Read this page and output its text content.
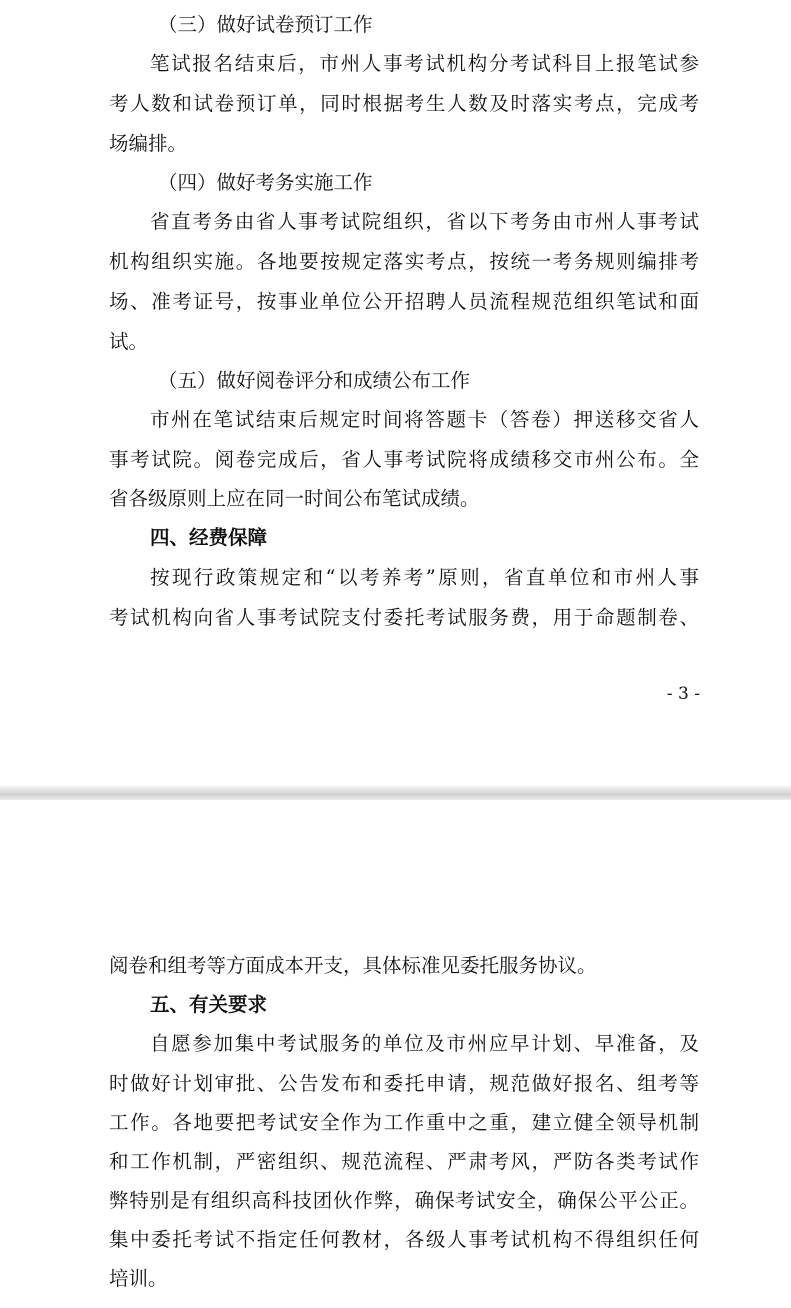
（三）做好试卷预订工作
笔试报名结束后，市州人事考试机构分考试科目上报笔试参
考人数和试卷预订单，同时根据考生人数及时落实考点，完成考
场编排。
（四）做好考务实施工作
省直考务由省人事考试院组织，省以下考务由市州人事考试
机构组织实施。各地要按规定落实考点，按统一考务规则编排考
场、准考证号，按事业单位公开招聘人员流程规范组织笔试和面
试。
（五）做好阅卷评分和成绩公布工作
市州在笔试结束后规定时间将答题卡（答卷）押送移交省人
事考试院。阅卷完成后，省人事考试院将成绩移交市州公布。全
省各级原则上应在同一时间公布笔试成绩。
四、经费保障
按现行政策规定和“以考养考”原则，省直单位和市州人事
考试机构向省人事考试院支付委托考试服务费，用于命题制卷、
- 3 -
阅卷和组考等方面成本开支，具体标准见委托服务协议。
五、有关要求
自愿参加集中考试服务的单位及市州应早计划、早准备，及
时做好计划审批、公告发布和委托申请，规范做好报名、组考等
工作。各地要把考试安全作为工作重中之重，建立健全领导机制
和工作机制，严密组织、规范流程、严肃考风，严防各类考试作
弊特别是有组织高科技团伙作弊，确保考试安全，确保公平公正。
集中委托考试不指定任何教材，各级人事考试机构不得组织任何
培训。
